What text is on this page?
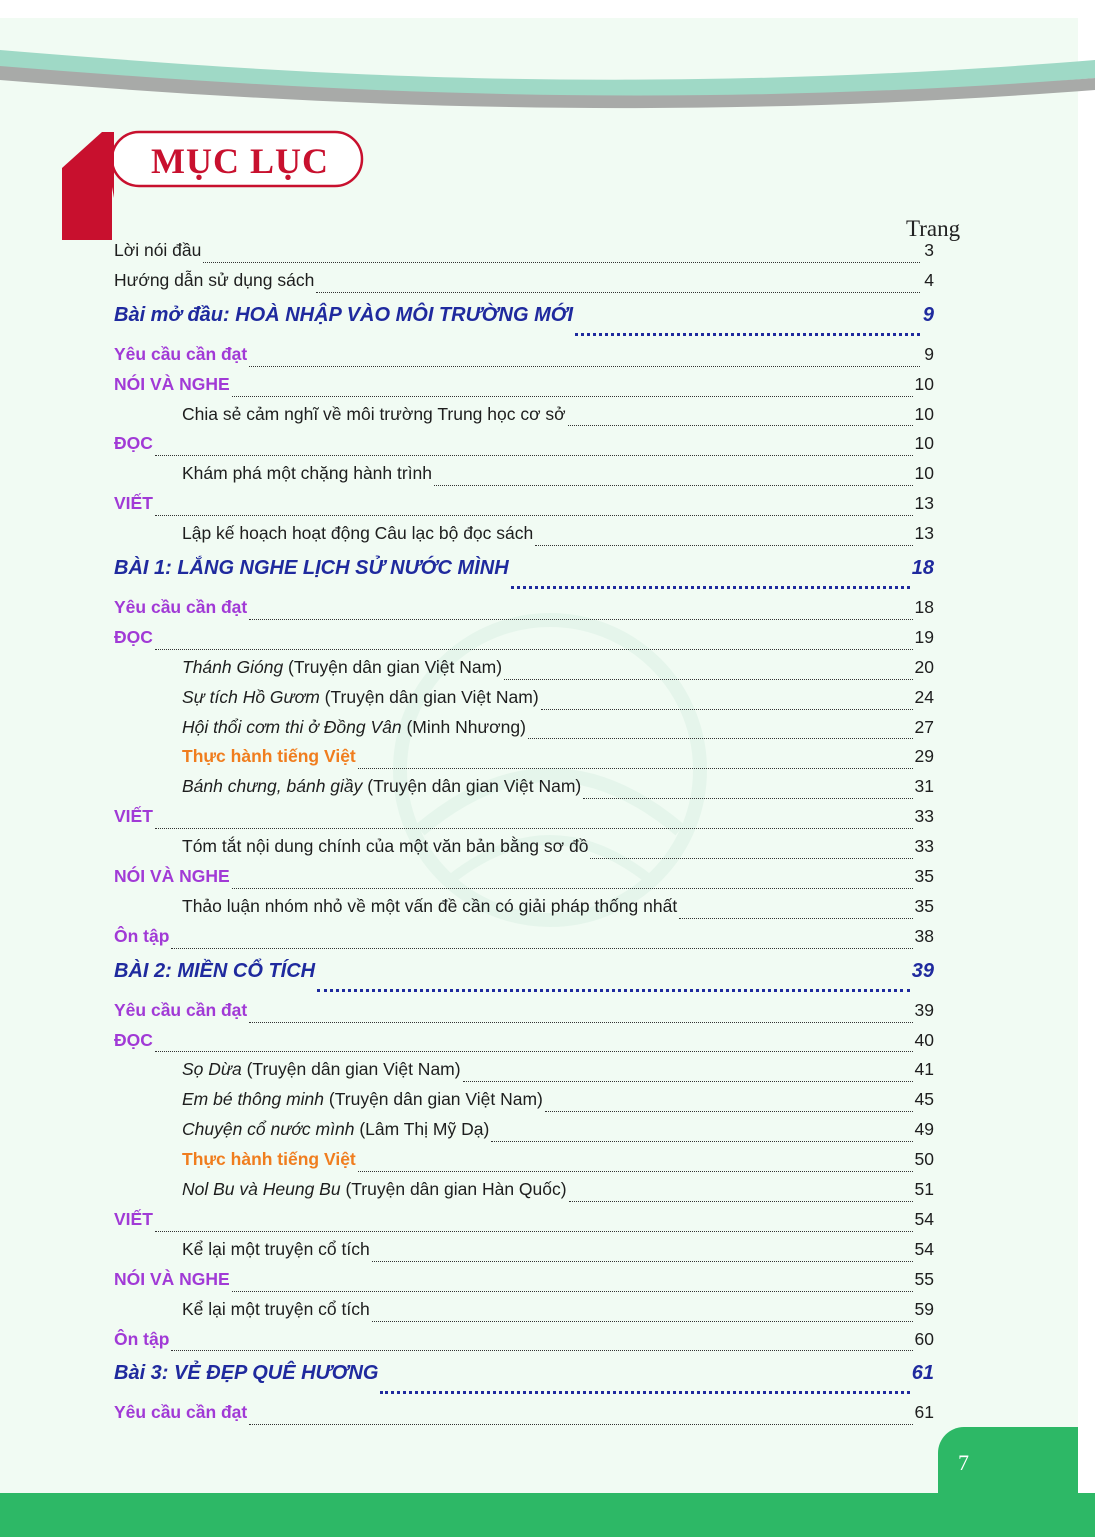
MỤC LỤC
Trang
Lời nói đầu	3
Hướng dẫn sử dụng sách	4
Bài mở đầu: HOÀ NHẬP VÀO MÔI TRƯỜNG MỚI	9
Yêu cầu cần đạt	9
NÓI VÀ NGHE	10
Chia sẻ cảm nghĩ về môi trường Trung học cơ sở	10
ĐỌC	10
Khám phá một chặng hành trình	10
VIẾT	13
Lập kế hoạch hoạt động Câu lạc bộ đọc sách	13
BÀI 1: LẮNG NGHE LỊCH SỬ NƯỚC MÌNH	18
Yêu cầu cần đạt	18
ĐỌC	19
Thánh Gióng (Truyện dân gian Việt Nam)	20
Sự tích Hồ Gươm (Truyện dân gian Việt Nam)	24
Hội thổi cơm thi ở Đồng Vân (Minh Nhương)	27
Thực hành tiếng Việt	29
Bánh chưng, bánh giầy (Truyện dân gian Việt Nam)	31
VIẾT	33
Tóm tắt nội dung chính của một văn bản bằng sơ đồ	33
NÓI VÀ NGHE	35
Thảo luận nhóm nhỏ về một vấn đề cần có giải pháp thống nhất	35
Ôn tập	38
BÀI 2: MIỀN CỔ TÍCH	39
Yêu cầu cần đạt	39
ĐỌC	40
Sọ Dừa (Truyện dân gian Việt Nam)	41
Em bé thông minh (Truyện dân gian Việt Nam)	45
Chuyện cổ nước mình (Lâm Thị Mỹ Dạ)	49
Thực hành tiếng Việt	50
Nol Bu và Heung Bu (Truyện dân gian Hàn Quốc)	51
VIẾT	54
Kể lại một truyện cổ tích	54
NÓI VÀ NGHE	55
Kể lại một truyện cổ tích	59
Ôn tập	60
Bài 3: VẺ ĐẸP QUÊ HƯƠNG	61
Yêu cầu cần đạt	61
7
